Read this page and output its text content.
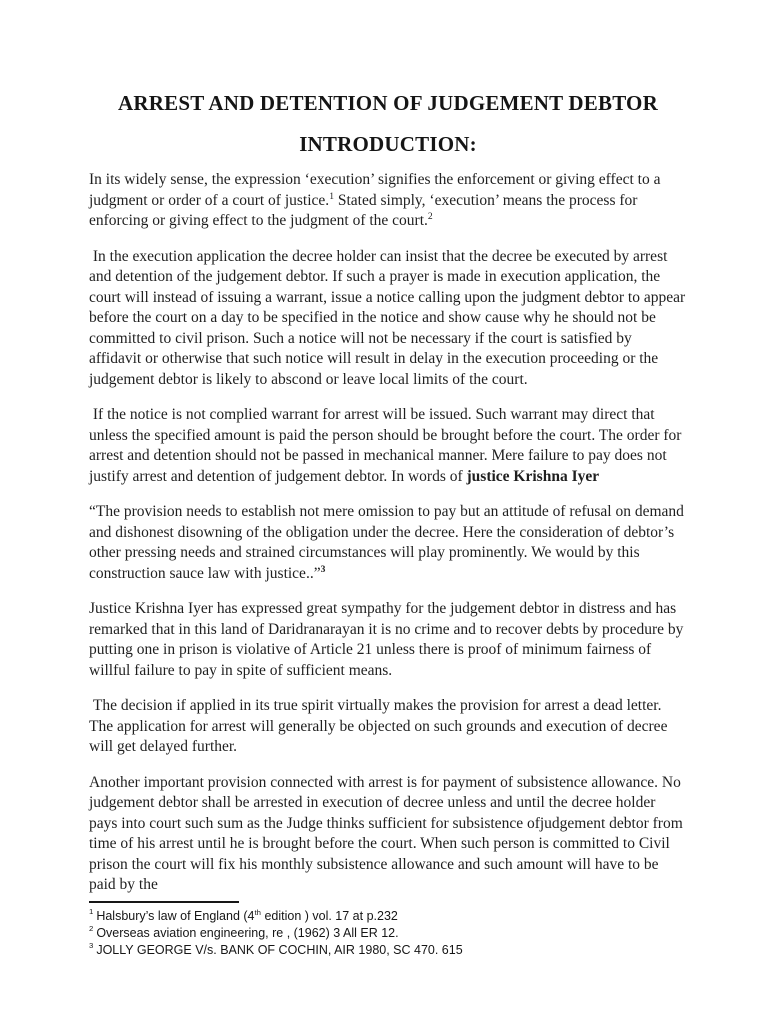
ARREST AND DETENTION OF JUDGEMENT DEBTOR
INTRODUCTION:

In its widely sense, the expression ‘execution’ signifies the enforcement or giving effect to a judgment or order of a court of justice.$^1$ Stated simply, ‘execution’ means the process for enforcing or giving effect to the judgment of the court.$^2$

In the execution application the decree holder can insist that the decree be executed by arrest and detention of the judgement debtor. If such a prayer is made in execution application, the court will instead of issuing a warrant, issue a notice calling upon the judgment debtor to appear before the court on a day to be specified in the notice and show cause why he should not be committed to civil prison. Such a notice will not be necessary if the court is satisfied by affidavit or otherwise that such notice will result in delay in the execution proceeding or the judgement debtor is likely to abscond or leave local limits of the court.

If the notice is not complied warrant for arrest will be issued. Such warrant may direct that unless the specified amount is paid the person should be brought before the court. The order for arrest and detention should not be passed in mechanical manner. Mere failure to pay does not justify arrest and detention of judgement debtor. In words of justice Krishna Iyer

“The provision needs to establish not mere omission to pay but an attitude of refusal on demand and dishonest disowning of the obligation under the decree. Here the consideration of debtor’s other pressing needs and strained circumstances will play prominently. We would by this construction sauce law with justice..”$^3$

Justice Krishna Iyer has expressed great sympathy for the judgement debtor in distress and has remarked that in this land of Daridranarayan it is no crime and to recover debts by procedure by putting one in prison is violative of Article 21 unless there is proof of minimum fairness of willful failure to pay in spite of sufficient means.

The decision if applied in its true spirit virtually makes the provision for arrest a dead letter. The application for arrest will generally be objected on such grounds and execution of decree will get delayed further.

Another important provision connected with arrest is for payment of subsistence allowance. No judgement debtor shall be arrested in execution of decree unless and until the decree holder pays into court such sum as the Judge thinks sufficient for subsistence ofjudgement debtor from time of his arrest until he is brought before the court. When such person is committed to Civil prison the court will fix his monthly subsistence allowance and such amount will have to be paid by the

$^1$ Halsbury’s law of England (4th edition ) vol. 17 at p.232

$^2$ Overseas aviation engineering, re , (1962) 3 All ER 12.

$^3$ JOLLY GEORGE V/s. BANK OF COCHIN, AIR 1980, SC 470. 615
